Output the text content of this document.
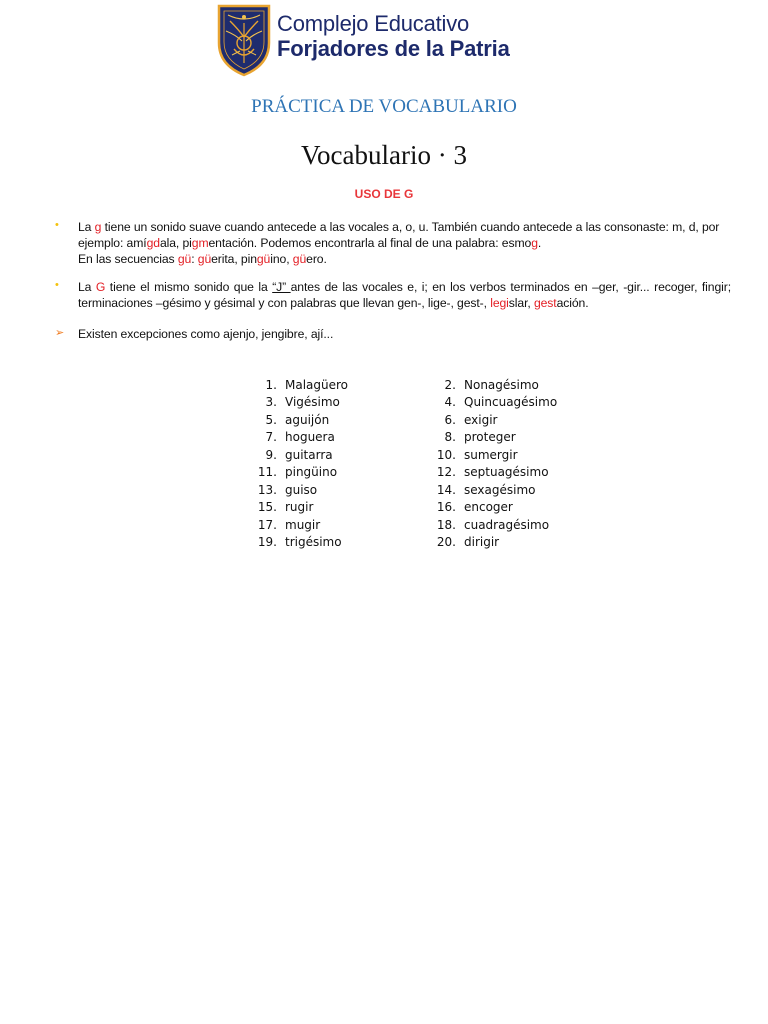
Complejo Educativo
Forjadores de la Patria
PRÁCTICA DE VOCABULARIO
Vocabulario · 3
USO DE G
• La g tiene un sonido suave cuando antecede a las vocales a, o, u. También cuando antecede a las consonaste: m, d, por ejemplo: amígdala, pigmentación. Podemos encontrarla al final de una palabra: esmog.
En las secuencias gü: güerita, pingüino, güero.
• La G tiene el mismo sonido que la “J” antes de las vocales e, i; en los verbos terminados en –ger, -gir... recoger, fingir; terminaciones –gésimo y gésimal y con palabras que llevan gen-, lige-, gest-, legislar, gestación.
➢ Existen excepciones como ajenjo, jengibre, ají...
1. Malagüero
3. Vigésimo
5. aguijón
7. hoguera
9. guitarra
11. pingüino
13. guiso
15. rugir
17. mugir
19. trigésimo
2. Nonagésimo
4. Quincuagésimo
6. exigir
8. proteger
10. sumergir
12. septuagésimo
14. sexagésimo
16. encoger
18. cuadragésimo
20. dirigir
